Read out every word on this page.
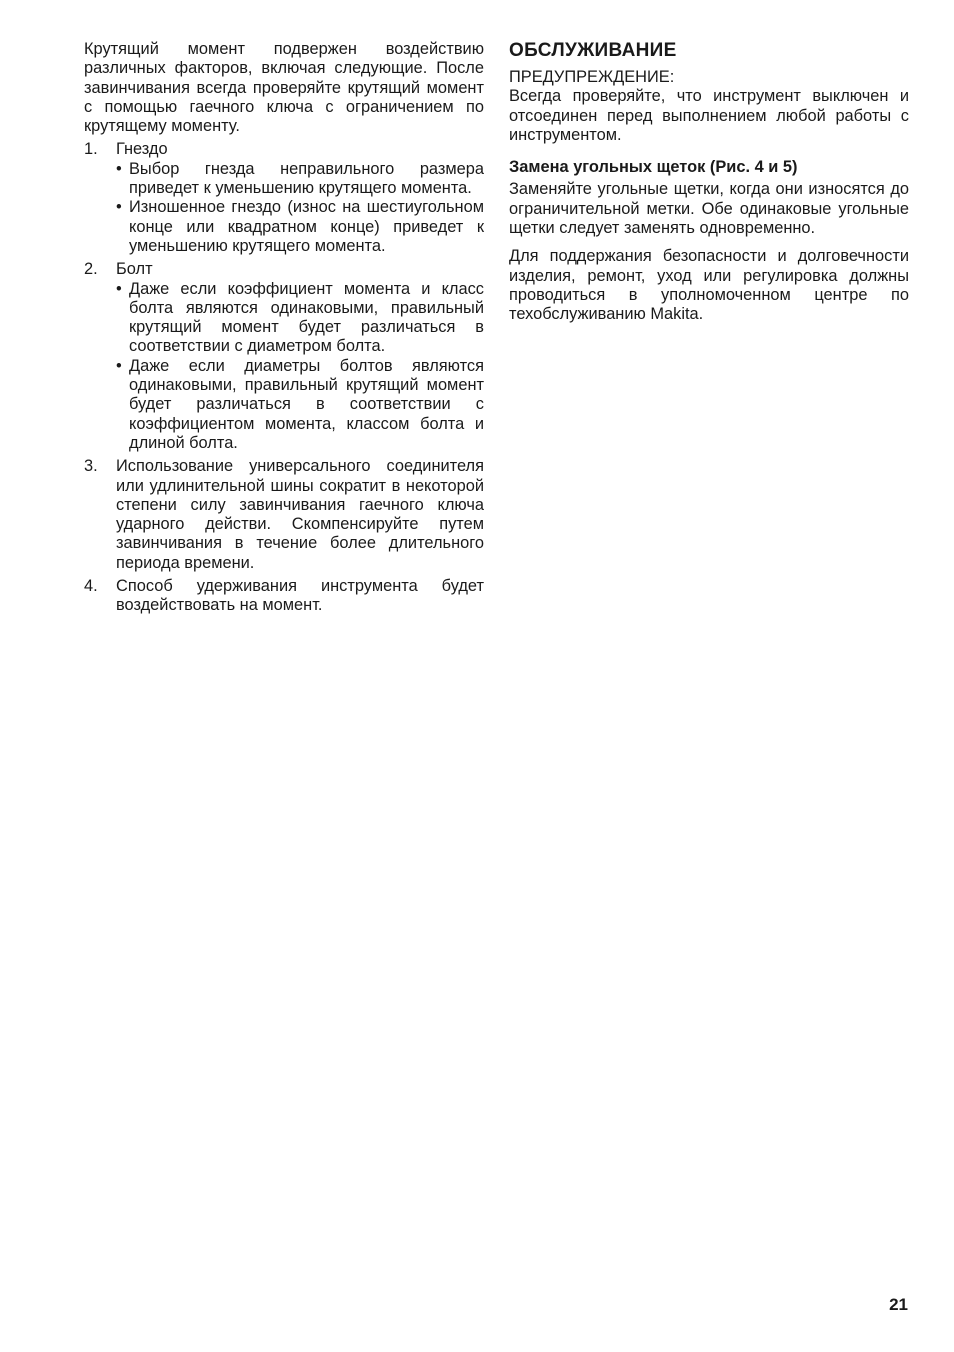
Крутящий момент подвержен воздействию различных факторов, включая следующие. После завинчивания всегда проверяйте крутящий момент с помощью гаечного ключа с ограничением по крутящему моменту.

1. Гнездо
• Выбор гнезда неправильного размера приведет к уменьшению крутящего момента.
• Изношенное гнездо (износ на шестиугольном конце или квадратном конце) приведет к уменьшению крутящего момента.
2. Болт
• Даже если коэффициент момента и класс болта являются одинаковыми, правильный крутящий момент будет различаться в соответствии с диаметром болта.
• Даже если диаметры болтов являются одинаковыми, правильный крутящий момент будет различаться в соответствии с коэффициентом момента, классом болта и длиной болта.
3. Использование универсального соединителя или удлинительной шины сократит в некоторой степени силу завинчивания гаечного ключа ударного действи. Скомпенсируйте путем завинчивания в течение более длительного периода времени.
4. Способ удерживания инструмента будет воздействовать на момент.
ОБСЛУЖИВАНИЕ

ПРЕДУПРЕЖДЕНИЕ:

Всегда проверяйте, что инструмент выключен и отсоединен перед выполнением любой работы с инструментом.

Замена угольных щеток (Рис. 4 и 5)

Заменяйте угольные щетки, когда они износятся до ограничительной метки. Обе одинаковые угольные щетки следует заменять одновременно.

Для поддержания безопасности и долговечности изделия, ремонт, уход или регулировка должны проводиться в уполномоченном центре по техобслуживанию Makita.

21
